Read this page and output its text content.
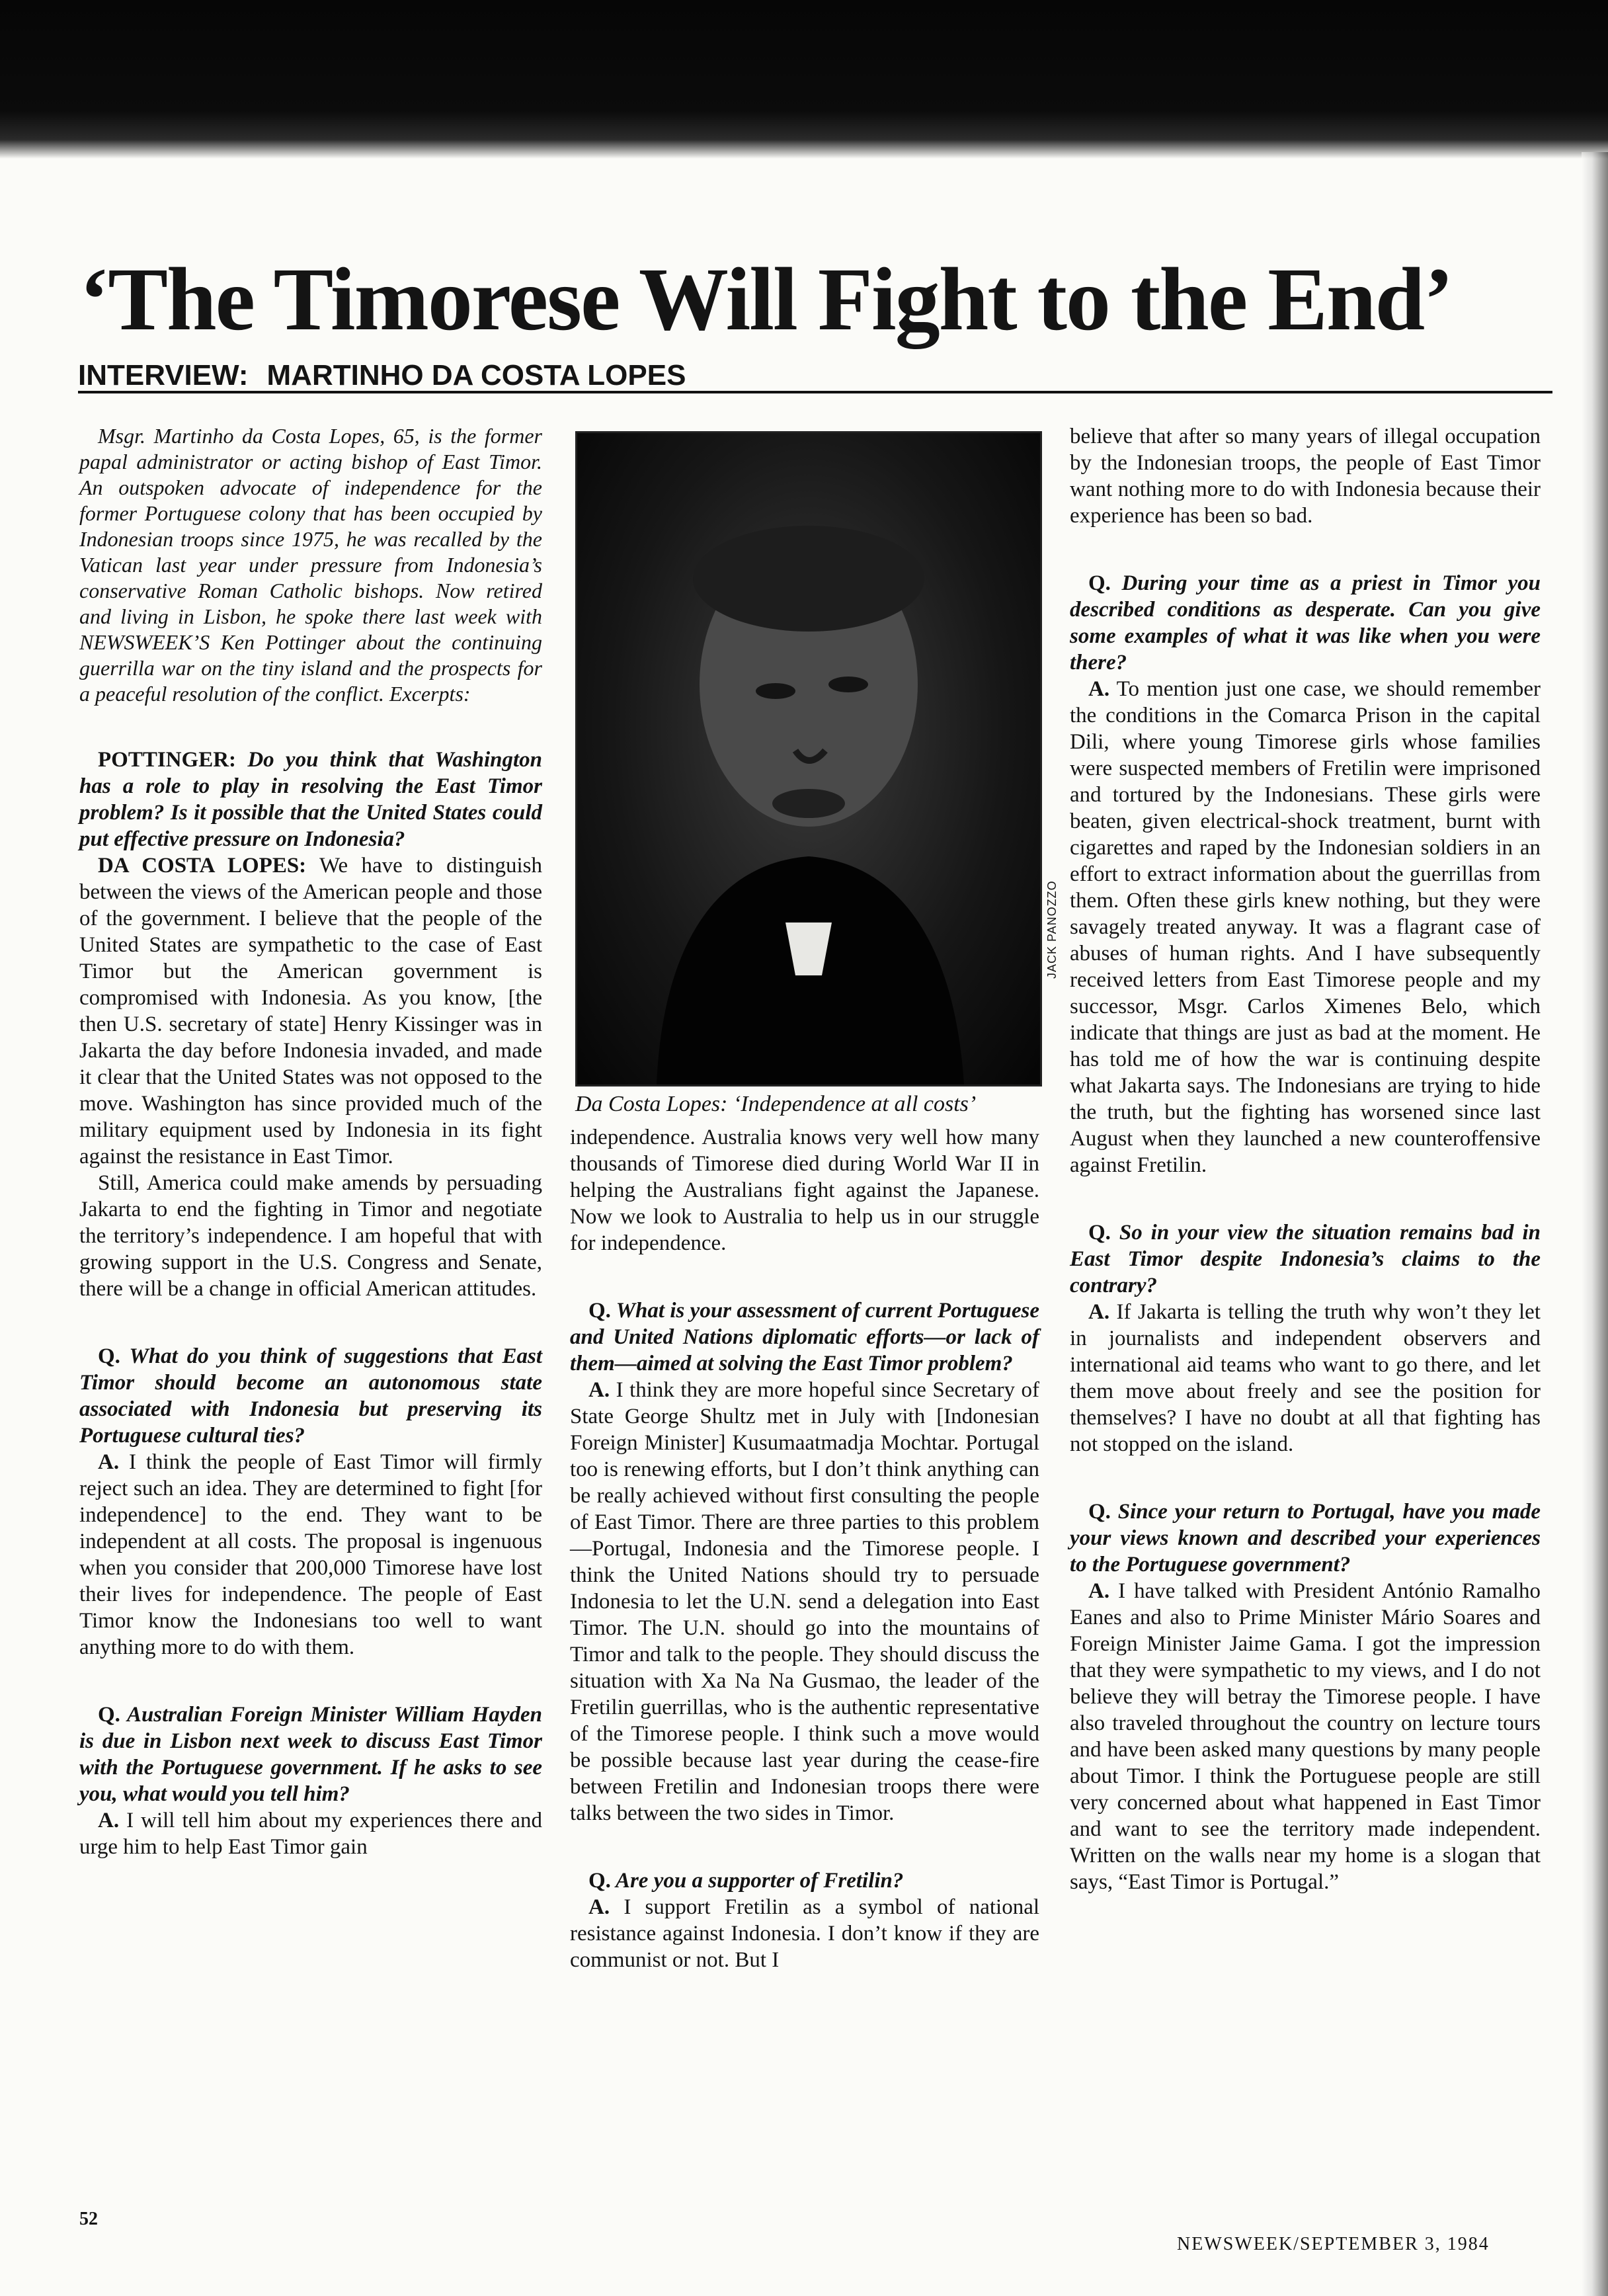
‘The Timorese Will Fight to the End’
INTERVIEW: MARTINHO DA COSTA LOPES

Msgr. Martinho da Costa Lopes, 65, is the former papal administrator or acting bishop of East Timor. An outspoken advocate of independence for the former Portuguese colony that has been occupied by Indonesian troops since 1975, he was recalled by the Vatican last year under pressure from Indonesia’s conservative Roman Catholic bishops. Now retired and living in Lisbon, he spoke there last week with NEWSWEEK’S Ken Pottinger about the continuing guerrilla war on the tiny island and the prospects for a peaceful resolution of the conflict. Excerpts:

POTTINGER: Do you think that Washington has a role to play in resolving the East Timor problem? Is it possible that the United States could put effective pressure on Indonesia?

DA COSTA LOPES: We have to distinguish between the views of the American people and those of the government. I believe that the people of the United States are sympathetic to the case of East Timor but the American government is compromised with Indonesia. As you know, [the then U.S. secretary of state] Henry Kissinger was in Jakarta the day before Indonesia invaded, and made it clear that the United States was not opposed to the move. Washington has since provided much of the military equipment used by Indonesia in its fight against the resistance in East Timor.

Still, America could make amends by persuading Jakarta to end the fighting in Timor and negotiate the territory’s independence. I am hopeful that with growing support in the U.S. Congress and Senate, there will be a change in official American attitudes.

Q. What do you think of suggestions that East Timor should become an autonomous state associated with Indonesia but preserving its Portuguese cultural ties?

A. I think the people of East Timor will firmly reject such an idea. They are determined to fight [for independence] to the end. They want to be independent at all costs. The proposal is ingenuous when you consider that 200,000 Timorese have lost their lives for independence. The people of East Timor know the Indonesians too well to want anything more to do with them.

Q. Australian Foreign Minister William Hayden is due in Lisbon next week to discuss East Timor with the Portuguese government. If he asks to see you, what would you tell him?

A. I will tell him about my experiences there and urge him to help East Timor gain

JACK PANOZZO
Da Costa Lopes: ‘Independence at all costs’

independence. Australia knows very well how many thousands of Timorese died during World War II in helping the Australians fight against the Japanese. Now we look to Australia to help us in our struggle for independence.

Q. What is your assessment of current Portuguese and United Nations diplomatic efforts—or lack of them—aimed at solving the East Timor problem?

A. I think they are more hopeful since Secretary of State George Shultz met in July with [Indonesian Foreign Minister] Kusumaatmadja Mochtar. Portugal too is renewing efforts, but I don’t think anything can be really achieved without first consulting the people of East Timor. There are three parties to this problem—Portugal, Indonesia and the Timorese people. I think the United Nations should try to persuade Indonesia to let the U.N. send a delegation into East Timor. The U.N. should go into the mountains of Timor and talk to the people. They should discuss the situation with Xa Na Na Gusmao, the leader of the Fretilin guerrillas, who is the authentic representative of the Timorese people. I think such a move would be possible because last year during the cease-fire between Fretilin and Indonesian troops there were talks between the two sides in Timor.

Q. Are you a supporter of Fretilin?

A. I support Fretilin as a symbol of national resistance against Indonesia. I don’t know if they are communist or not. But I

believe that after so many years of illegal occupation by the Indonesian troops, the people of East Timor want nothing more to do with Indonesia because their experience has been so bad.

Q. During your time as a priest in Timor you described conditions as desperate. Can you give some examples of what it was like when you were there?

A. To mention just one case, we should remember the conditions in the Comarca Prison in the capital Dili, where young Timorese girls whose families were suspected members of Fretilin were imprisoned and tortured by the Indonesians. These girls were beaten, given electrical-shock treatment, burnt with cigarettes and raped by the Indonesian soldiers in an effort to extract information about the guerrillas from them. Often these girls knew nothing, but they were savagely treated anyway. It was a flagrant case of abuses of human rights. And I have subsequently received letters from East Timorese people and my successor, Msgr. Carlos Ximenes Belo, which indicate that things are just as bad at the moment. He has told me of how the war is continuing despite what Jakarta says. The Indonesians are trying to hide the truth, but the fighting has worsened since last August when they launched a new counteroffensive against Fretilin.

Q. So in your view the situation remains bad in East Timor despite Indonesia’s claims to the contrary?

A. If Jakarta is telling the truth why won’t they let in journalists and independent observers and international aid teams who want to go there, and let them move about freely and see the position for themselves? I have no doubt at all that fighting has not stopped on the island.

Q. Since your return to Portugal, have you made your views known and described your experiences to the Portuguese government?

A. I have talked with President António Ramalho Eanes and also to Prime Minister Mário Soares and Foreign Minister Jaime Gama. I got the impression that they were sympathetic to my views, and I do not believe they will betray the Timorese people. I have also traveled throughout the country on lecture tours and have been asked many questions by many people about Timor. I think the Portuguese people are still very concerned about what happened in East Timor and want to see the territory made independent. Written on the walls near my home is a slogan that says, “East Timor is Portugal.”

52
NEWSWEEK/SEPTEMBER 3, 1984
